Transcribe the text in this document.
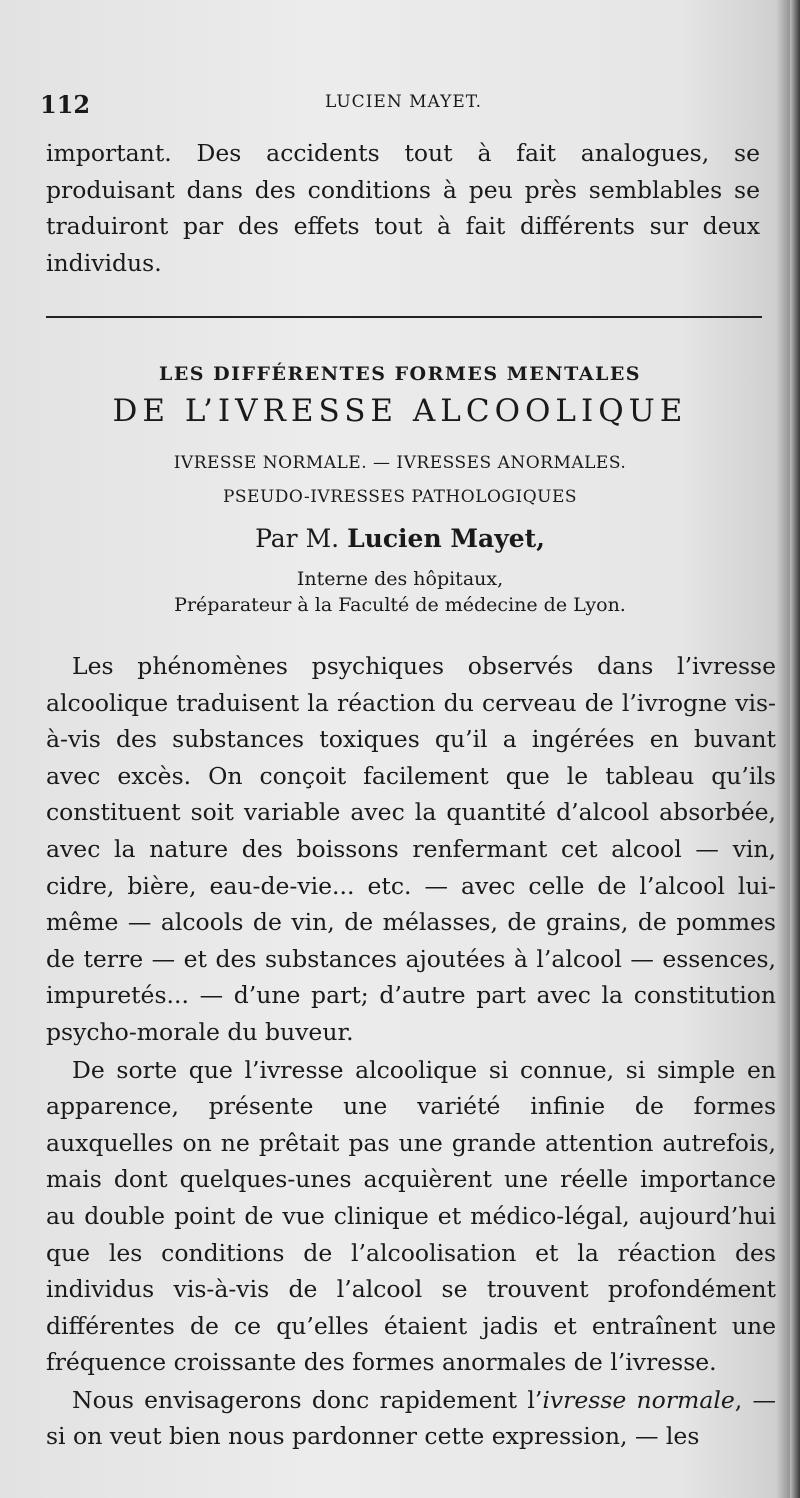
112	LUCIEN MAYET.

important. Des accidents tout à fait analogues, se produisant dans des conditions à peu près semblables se traduiront par des effets tout à fait différents sur deux individus.

LES DIFFÉRENTES FORMES MENTALES
DE L’IVRESSE ALCOOLIQUE

IVRESSE NORMALE. — IVRESSES ANORMALES.

PSEUDO-IVRESSES PATHOLOGIQUES

Par M. Lucien Mayet,

Interne des hôpitaux,

Préparateur à la Faculté de médecine de Lyon.

Les phénomènes psychiques observés dans l’ivresse alcoolique traduisent la réaction du cerveau de l’ivrogne vis-à-vis des substances toxiques qu’il a ingérées en buvant avec excès. On conçoit facilement que le tableau qu’ils constituent soit variable avec la quantité d’alcool absorbée, avec la nature des boissons renfermant cet alcool — vin, cidre, bière, eau-de-vie... etc. — avec celle de l’alcool lui-même — alcools de vin, de mélasses, de grains, de pommes de terre — et des substances ajoutées à l’alcool — essences, impuretés... — d’une part; d’autre part avec la constitution psycho-morale du buveur.

De sorte que l’ivresse alcoolique si connue, si simple en apparence, présente une variété infinie de formes auxquelles on ne prêtait pas une grande attention autrefois, mais dont quelques-unes acquièrent une réelle importance au double point de vue clinique et médico-légal, aujourd’hui que les conditions de l’alcoolisation et la réaction des individus vis-à-vis de l’alcool se trouvent profondément différentes de ce qu’elles étaient jadis et entraînent une fréquence croissante des formes anormales de l’ivresse.

Nous envisagerons donc rapidement l’ivresse normale, — si on veut bien nous pardonner cette expression, — les
